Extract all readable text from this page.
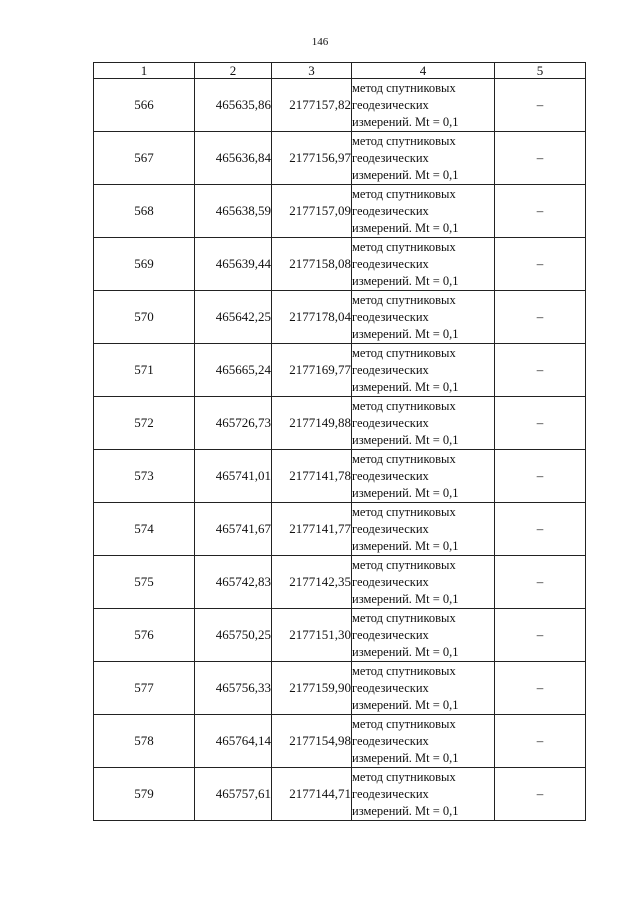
146
1	2	3	4	5
566	465635,86	2177157,82	метод спутниковых
геодезических
измерений. Mt = 0,1	–
567	465636,84	2177156,97	метод спутниковых
геодезических
измерений. Mt = 0,1	–
568	465638,59	2177157,09	метод спутниковых
геодезических
измерений. Mt = 0,1	–
569	465639,44	2177158,08	метод спутниковых
геодезических
измерений. Mt = 0,1	–
570	465642,25	2177178,04	метод спутниковых
геодезических
измерений. Mt = 0,1	–
571	465665,24	2177169,77	метод спутниковых
геодезических
измерений. Mt = 0,1	–
572	465726,73	2177149,88	метод спутниковых
геодезических
измерений. Mt = 0,1	–
573	465741,01	2177141,78	метод спутниковых
геодезических
измерений. Mt = 0,1	–
574	465741,67	2177141,77	метод спутниковых
геодезических
измерений. Mt = 0,1	–
575	465742,83	2177142,35	метод спутниковых
геодезических
измерений. Mt = 0,1	–
576	465750,25	2177151,30	метод спутниковых
геодезических
измерений. Mt = 0,1	–
577	465756,33	2177159,90	метод спутниковых
геодезических
измерений. Mt = 0,1	–
578	465764,14	2177154,98	метод спутниковых
геодезических
измерений. Mt = 0,1	–
579	465757,61	2177144,71	метод спутниковых
геодезических
измерений. Mt = 0,1	–
